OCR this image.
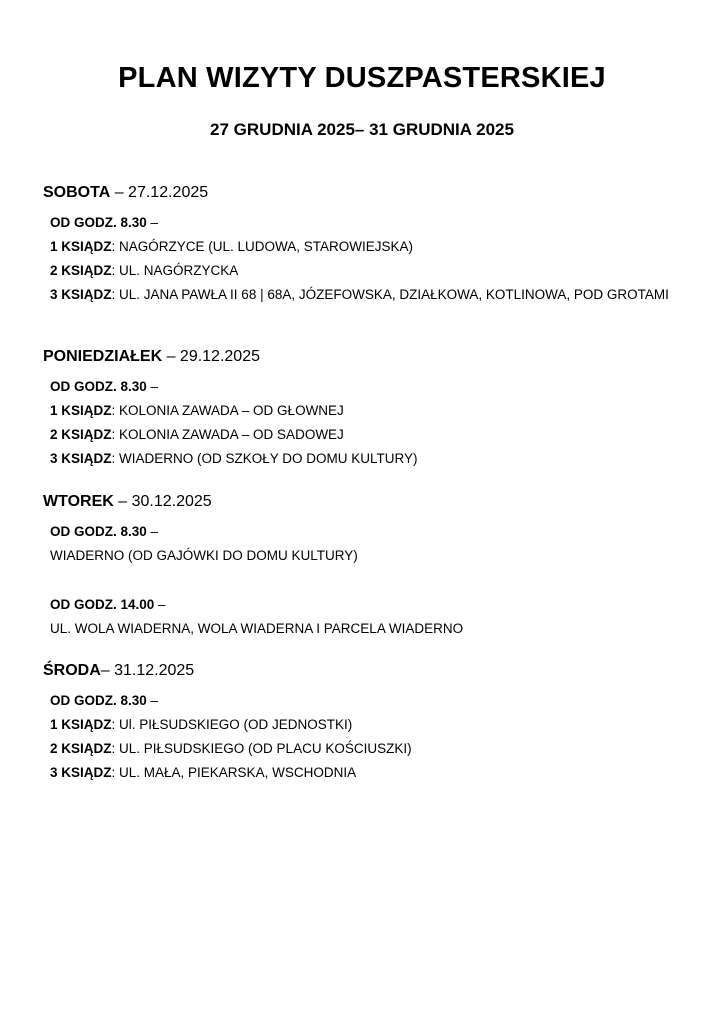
PLAN WIZYTY DUSZPASTERSKIEJ
27 GRUDNIA 2025– 31 GRUDNIA 2025

SOBOTA – 27.12.2025

OD GODZ. 8.30 –

1 KSIĄDZ: NAGÓRZYCE (UL. LUDOWA, STAROWIEJSKA)

2 KSIĄDZ: UL. NAGÓRZYCKA

3 KSIĄDZ: UL. JANA PAWŁA II 68 | 68A, JÓZEFOWSKA, DZIAŁKOWA, KOTLINOWA, POD GROTAMI

PONIEDZIAŁEK – 29.12.2025

OD GODZ. 8.30 –

1 KSIĄDZ: KOLONIA ZAWADA – OD GŁOWNEJ

2 KSIĄDZ: KOLONIA ZAWADA – OD SADOWEJ

3 KSIĄDZ: WIADERNO (OD SZKOŁY DO DOMU KULTURY)

WTOREK – 30.12.2025

OD GODZ. 8.30 –

WIADERNO (OD GAJÓWKI DO DOMU KULTURY)

OD GODZ. 14.00 –

UL. WOLA WIADERNA, WOLA WIADERNA I PARCELA WIADERNO

ŚRODA– 31.12.2025

OD GODZ. 8.30 –

1 KSIĄDZ: Ul. PIŁSUDSKIEGO (OD JEDNOSTKI)

2 KSIĄDZ: UL. PIŁSUDSKIEGO (OD PLACU KOŚCIUSZKI)

3 KSIĄDZ: UL. MAŁA, PIEKARSKA, WSCHODNIA
